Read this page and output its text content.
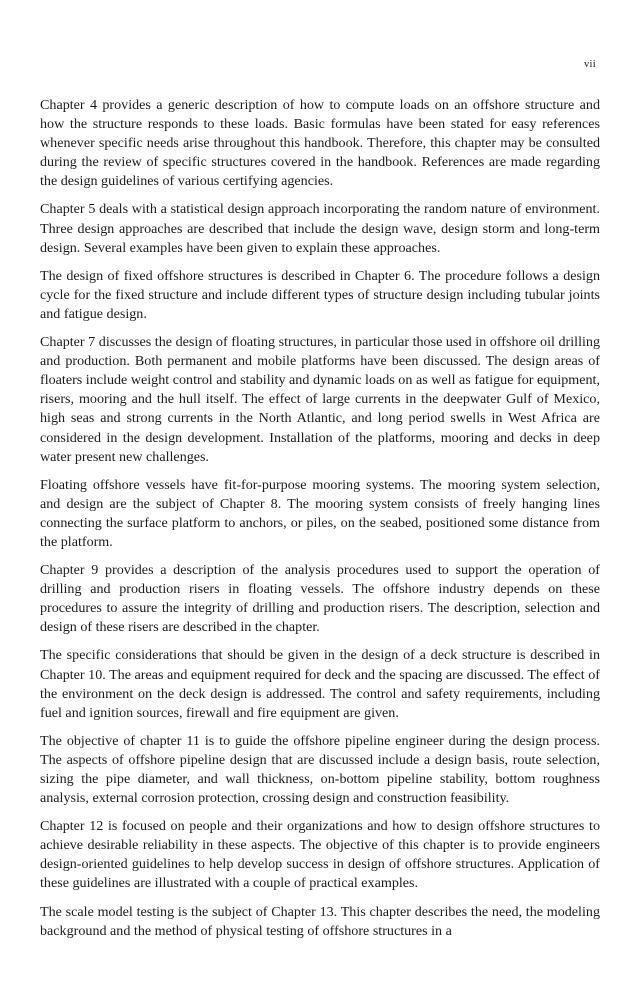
vii

Chapter 4 provides a generic description of how to compute loads on an offshore structure and how the structure responds to these loads. Basic formulas have been stated for easy references whenever specific needs arise throughout this handbook. Therefore, this chapter may be consulted during the review of specific structures covered in the handbook. References are made regarding the design guidelines of various certifying agencies.

Chapter 5 deals with a statistical design approach incorporating the random nature of environment. Three design approaches are described that include the design wave, design storm and long-term design. Several examples have been given to explain these approaches.

The design of fixed offshore structures is described in Chapter 6. The procedure follows a design cycle for the fixed structure and include different types of structure design including tubular joints and fatigue design.

Chapter 7 discusses the design of floating structures, in particular those used in offshore oil drilling and production. Both permanent and mobile platforms have been discussed. The design areas of floaters include weight control and stability and dynamic loads on as well as fatigue for equipment, risers, mooring and the hull itself. The effect of large currents in the deepwater Gulf of Mexico, high seas and strong currents in the North Atlantic, and long period swells in West Africa are considered in the design development. Installation of the platforms, mooring and decks in deep water present new challenges.

Floating offshore vessels have fit-for-purpose mooring systems. The mooring system selection, and design are the subject of Chapter 8. The mooring system consists of freely hanging lines connecting the surface platform to anchors, or piles, on the seabed, positioned some distance from the platform.

Chapter 9 provides a description of the analysis procedures used to support the operation of drilling and production risers in floating vessels. The offshore industry depends on these procedures to assure the integrity of drilling and production risers. The description, selection and design of these risers are described in the chapter.

The specific considerations that should be given in the design of a deck structure is described in Chapter 10. The areas and equipment required for deck and the spacing are discussed. The effect of the environment on the deck design is addressed. The control and safety requirements, including fuel and ignition sources, firewall and fire equipment are given.

The objective of chapter 11 is to guide the offshore pipeline engineer during the design process. The aspects of offshore pipeline design that are discussed include a design basis, route selection, sizing the pipe diameter, and wall thickness, on-bottom pipeline stability, bottom roughness analysis, external corrosion protection, crossing design and construction feasibility.

Chapter 12 is focused on people and their organizations and how to design offshore structures to achieve desirable reliability in these aspects. The objective of this chapter is to provide engineers design-oriented guidelines to help develop success in design of offshore structures. Application of these guidelines are illustrated with a couple of practical examples.

The scale model testing is the subject of Chapter 13. This chapter describes the need, the modeling background and the method of physical testing of offshore structures in a
